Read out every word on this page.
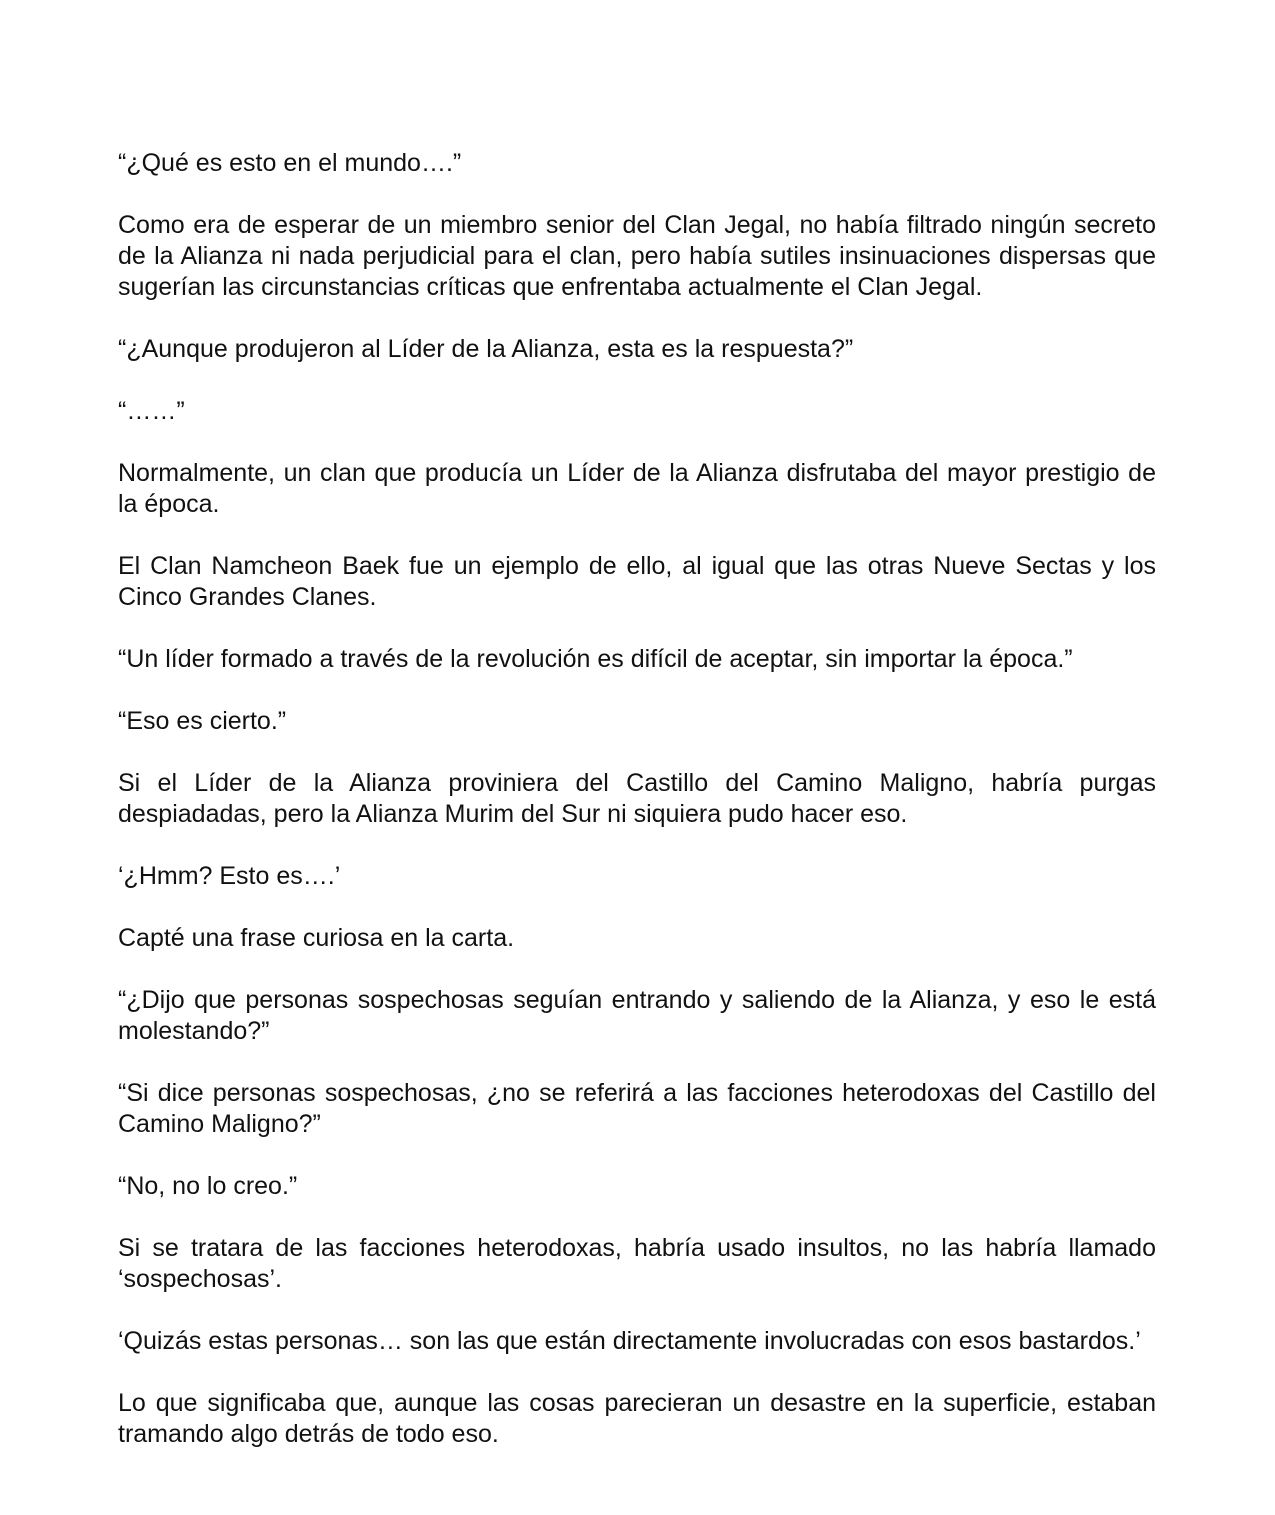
“¿Qué es esto en el mundo….”

Como era de esperar de un miembro senior del Clan Jegal, no había filtrado ningún secreto de la Alianza ni nada perjudicial para el clan, pero había sutiles insinuaciones dispersas que sugerían las circunstancias críticas que enfrentaba actualmente el Clan Jegal.

“¿Aunque produjeron al Líder de la Alianza, esta es la respuesta?”

“……”

Normalmente, un clan que producía un Líder de la Alianza disfrutaba del mayor prestigio de la época.

El Clan Namcheon Baek fue un ejemplo de ello, al igual que las otras Nueve Sectas y los Cinco Grandes Clanes.

“Un líder formado a través de la revolución es difícil de aceptar, sin importar la época.”

“Eso es cierto.”

Si el Líder de la Alianza proviniera del Castillo del Camino Maligno, habría purgas despiadadas, pero la Alianza Murim del Sur ni siquiera pudo hacer eso.

‘¿Hmm? Esto es….’

Capté una frase curiosa en la carta.

“¿Dijo que personas sospechosas seguían entrando y saliendo de la Alianza, y eso le está molestando?”

“Si dice personas sospechosas, ¿no se referirá a las facciones heterodoxas del Castillo del Camino Maligno?”

“No, no lo creo.”

Si se tratara de las facciones heterodoxas, habría usado insultos, no las habría llamado ‘sospechosas’.

‘Quizás estas personas… son las que están directamente involucradas con esos bastardos.’

Lo que significaba que, aunque las cosas parecieran un desastre en la superficie, estaban tramando algo detrás de todo eso.
